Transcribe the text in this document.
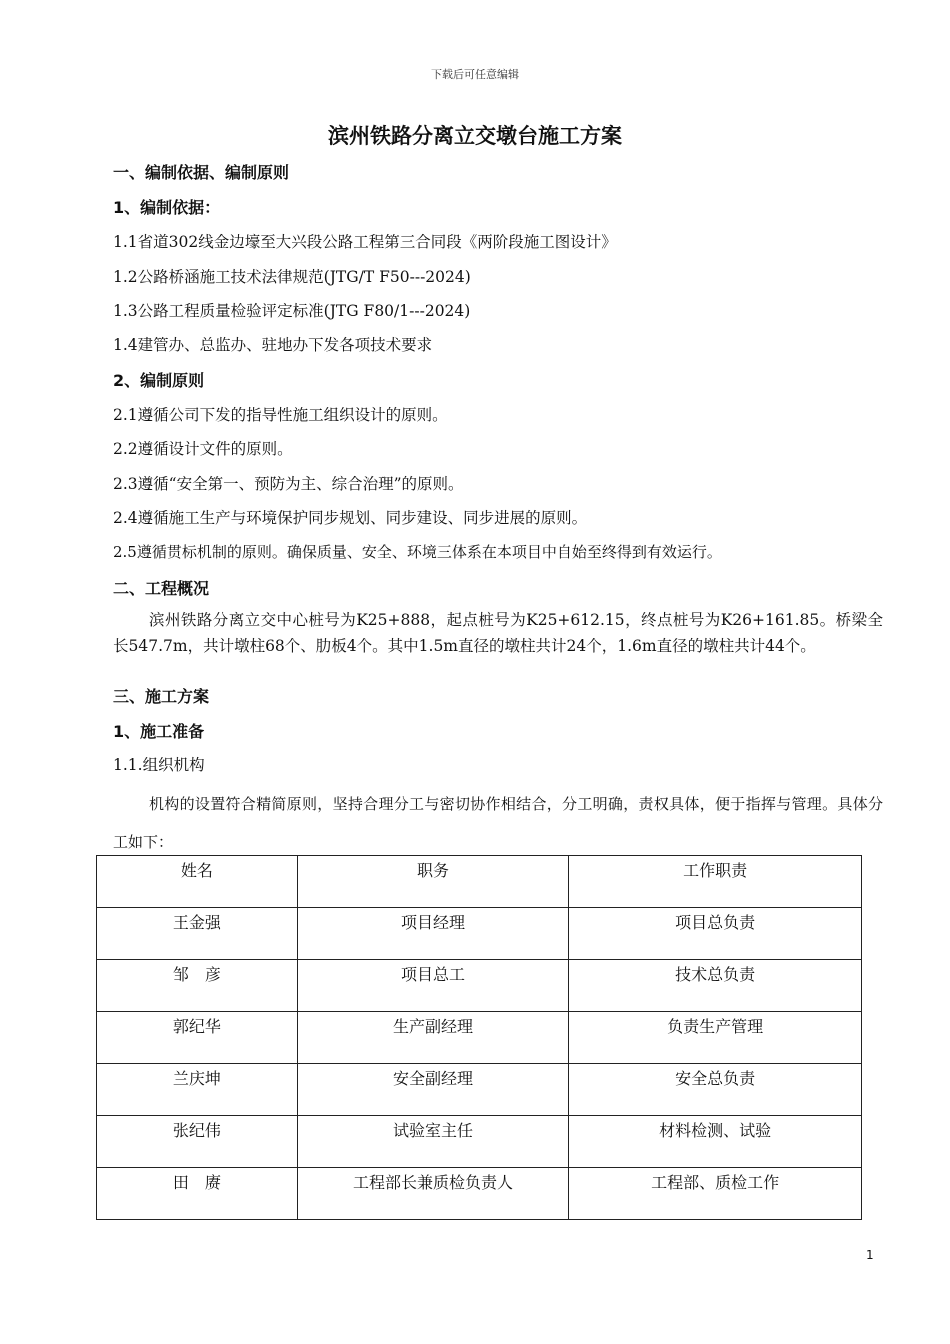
下载后可任意编辑
滨州铁路分离立交墩台施工方案
一、编制依据、编制原则
1、编制依据：
1.1省道302线金边壕至大兴段公路工程第三合同段《两阶段施工图设计》
1.2公路桥涵施工技术法律规范(JTG/T F50---2024)
1.3公路工程质量检验评定标准(JTG F80/1---2024)
1.4建管办、总监办、驻地办下发各项技术要求
2、编制原则
2.1遵循公司下发的指导性施工组织设计的原则。
2.2遵循设计文件的原则。
2.3遵循“安全第一、预防为主、综合治理”的原则。
2.4遵循施工生产与环境保护同步规划、同步建设、同步进展的原则。
2.5遵循贯标机制的原则。确保质量、安全、环境三体系在本项目中自始至终得到有效运行。
二、工程概况
滨州铁路分离立交中心桩号为K25+888，起点桩号为K25+612.15，终点桩号为K26+161.85。桥梁全长547.7m，共计墩柱68个、肋板4个。其中1.5m直径的墩柱共计24个，1.6m直径的墩柱共计44个。
三、施工方案
1、施工准备
1.1.组织机构
机构的设置符合精简原则，坚持合理分工与密切协作相结合，分工明确，责权具体，便于指挥与管理。具体分工如下：
姓名	职务	工作职责
王金强	项目经理	项目总负责
邹　彦	项目总工	技术总负责
郭纪华	生产副经理	负责生产管理
兰庆坤	安全副经理	安全总负责
张纪伟	试验室主任	材料检测、试验
田　赓	工程部长兼质检负责人	工程部、质检工作
1
